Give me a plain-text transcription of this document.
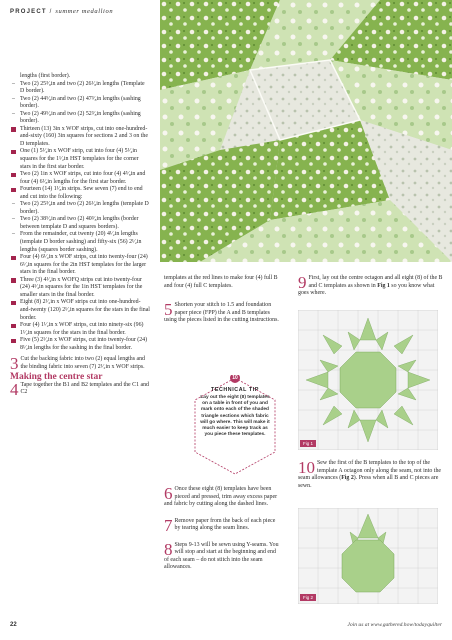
PROJECT / summer medallion
lengths (first border).
– Two (2) 25³⁄₈in and two (2) 26¹⁄₈in lengths (Template D border).
– Two (2) 44⁵⁄₈in and two (2) 47³⁄₈in lengths (sashing border).
– Two (2) 49⁵⁄₈in and two (2) 52³⁄₈in lengths (sashing border).
Thirteen (13) 3in x WOF strips, cut into one-hundred-and-sixty (160) 3in squares for sections 2 and 3 on the D templates.
One (1) 5¹⁄₄in x WOF strip, cut into four (4) 5¹⁄₄in squares for the 1¹⁄₂in HST templates for the corner stars in the first star border.
Two (2) 1in x WOF strips, cut into four (4) 4⁵⁄₈in and four (4) 6¹⁄₈in lengths for the first star border.
Fourteen (14) 1¹⁄₈in strips. Sew seven (7) end to end and cut into the following:
– Two (2) 25³⁄₈in and two (2) 26¹⁄₈in lengths (template D border).
– Two (2) 38⁵⁄₈in and two (2) 40³⁄₈in lengths (border between template D and squares borders).
– From the remainder, cut twenty (20) 4¹⁄₂in lengths (template D border sashing) and fifty-six (56) 2¹⁄₂in lengths (squares border sashing).
Four (4) 6¹⁄₄in x WOF strips, cut into twenty-four (24) 6¹⁄₄in squares for the 2in HST templates for the larger stars in the final border.
Three (3) 4¹⁄₄in x WOFQ strips cut into twenty-four (24) 4¹⁄₄in squares for the 1in HST templates for the smaller stars in the final border.
Eight (8) 2¹⁄₂in x WOF strips cut into one-hundred-and-twenty (120) 2¹⁄₂in squares for the stars in the final border.
Four (4) 1¹⁄₂in x WOF strips, cut into ninety-six (96) 1¹⁄₂in squares for the stars in the final border.
Five (5) 2¹⁄₂in x WOF strips, cut into twenty-four (24) 8¹⁄₂in lengths for the sashing in the final border.

3 Cut the backing fabric into two (2) equal lengths and the binding fabric into seven (7) 2¹⁄₂in x WOF strips.

Making the centre star

4 Tape together the B1 and B2 templates and the C1 and C2

templates at the red lines to make four (4) full B and four (4) full C templates.

5 Shorten your stitch to 1.5 and foundation paper piece (FPP) the A and B templates using the pieces listed in the cutting instructions.

10
TECHNICAL TIP
Lay out the eight (8) templates on a table in front of you and mark onto each of the shaded triangle sections which fabric will go where. This will make it much easier to keep track as you piece these templates.

6 Once these eight (8) templates have been pieced and pressed, trim away excess paper and fabric by cutting along the dashed lines.

7 Remove paper from the back of each piece by tearing along the seam lines.

8 Steps 9-13 will be sewn using Y-seams. You will stop and start at the beginning and end of each seam – do not stitch into the seam allowances.

9 First, lay out the centre octagon and all eight (8) of the B and C templates as shown in Fig 1 so you know what goes where.

Fig 1

10 Sew the first of the B templates to the top of the template A octagon only along the seam, not into the seam allowances (Fig 2). Press when all B and C pieces are sewn.

Fig 2
22	Join us at www.gathered.how/todayquilter
